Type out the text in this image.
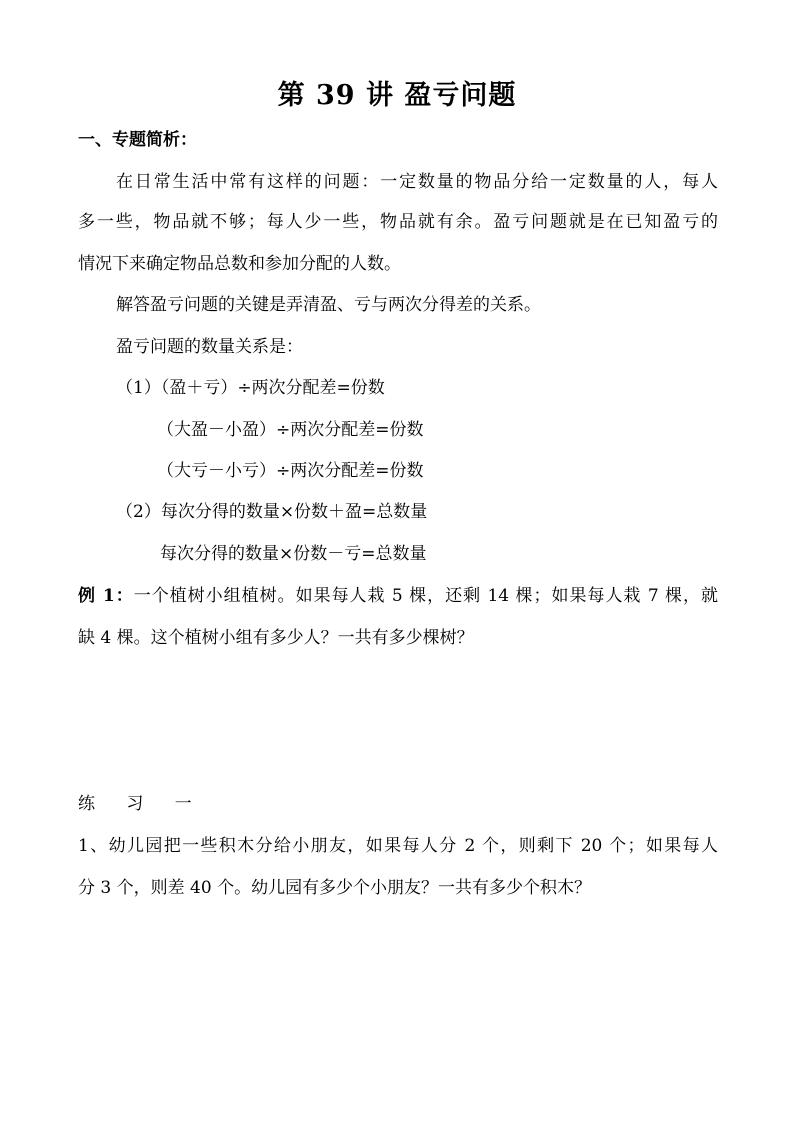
第 39 讲 盈亏问题
一、专题简析：
在日常生活中常有这样的问题：一定数量的物品分给一定数量的人，每人
多一些，物品就不够；每人少一些，物品就有余。盈亏问题就是在已知盈亏的
情况下来确定物品总数和参加分配的人数。
解答盈亏问题的关键是弄清盈、亏与两次分得差的关系。
盈亏问题的数量关系是：
（1）（盈＋亏）÷两次分配差=份数
（大盈－小盈）÷两次分配差=份数
（大亏－小亏）÷两次分配差=份数
（2）每次分得的数量×份数＋盈=总数量
每次分得的数量×份数－亏=总数量
例 1：一个植树小组植树。如果每人栽 5 棵，还剩 14 棵；如果每人栽 7 棵，就
缺 4 棵。这个植树小组有多少人？一共有多少棵树？
练 习 一
1、幼儿园把一些积木分给小朋友，如果每人分 2 个，则剩下 20 个；如果每人
分 3 个，则差 40 个。幼儿园有多少个小朋友？一共有多少个积木？
